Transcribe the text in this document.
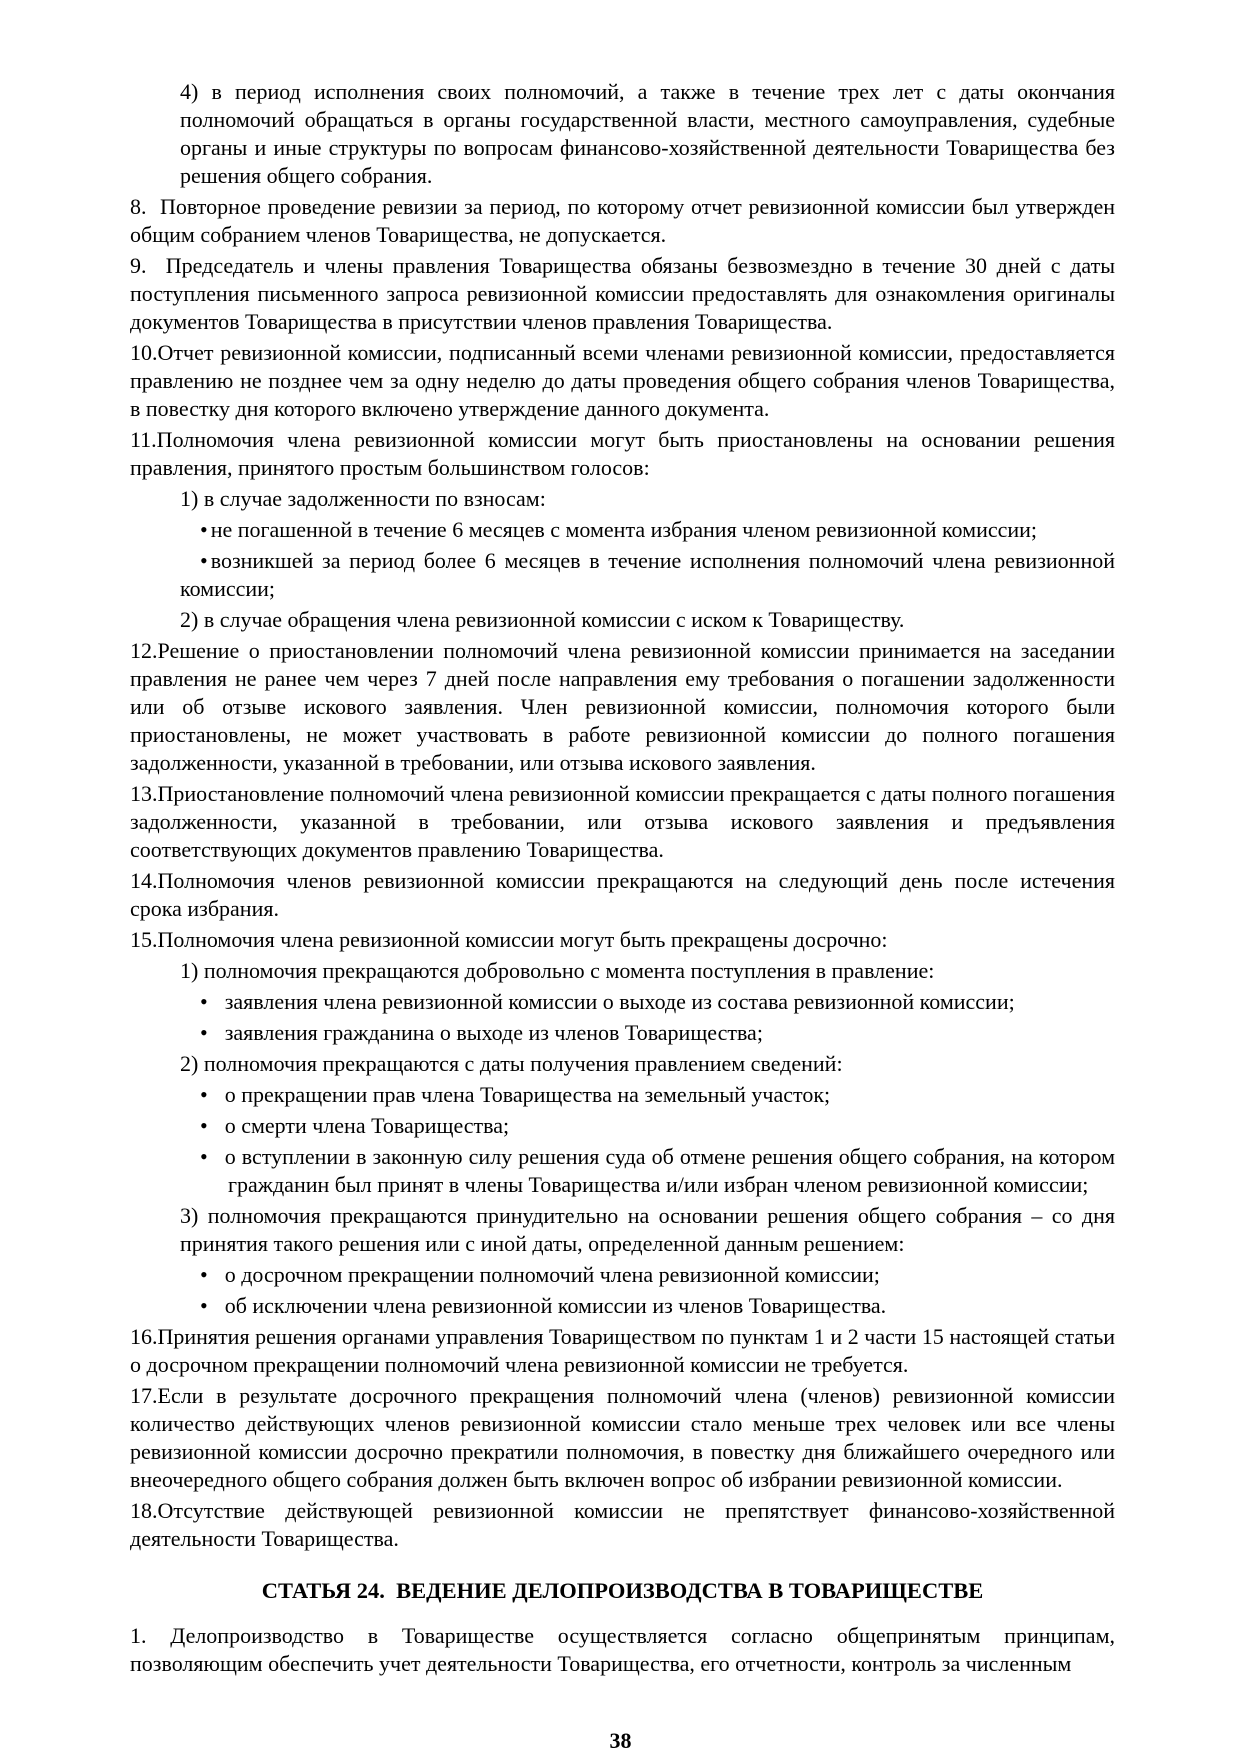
4) в период исполнения своих полномочий, а также в течение трех лет с даты окончания полномочий обращаться в органы государственной власти, местного самоуправления, судебные органы и иные структуры по вопросам финансово-хозяйственной деятельности Товарищества без решения общего собрания.
8.  Повторное проведение ревизии за период, по которому отчет ревизионной комиссии был утвержден общим собранием членов Товарищества, не допускается.
9.  Председатель и члены правления Товарищества обязаны безвозмездно в течение 30 дней с даты поступления письменного запроса ревизионной комиссии предоставлять для ознакомления оригиналы документов Товарищества в присутствии членов правления Товарищества.
10.Отчет ревизионной комиссии, подписанный всеми членами ревизионной комиссии, предоставляется правлению не позднее чем за одну неделю до даты проведения общего собрания членов Товарищества, в повестку дня которого включено утверждение данного документа.
11.Полномочия члена ревизионной комиссии могут быть приостановлены на основании решения правления, принятого простым большинством голосов:
1) в случае задолженности по взносам:
• не погашенной в течение 6 месяцев с момента избрания членом ревизионной комиссии;
• возникшей за период более 6 месяцев в течение исполнения полномочий члена ревизионной комиссии;
2) в случае обращения члена ревизионной комиссии с иском к Товариществу.
12.Решение о приостановлении полномочий члена ревизионной комиссии принимается на заседании правления не ранее чем через 7 дней после направления ему требования о погашении задолженности или об отзыве искового заявления. Член ревизионной комиссии, полномочия которого были приостановлены, не может участвовать в работе ревизионной комиссии до полного погашения задолженности, указанной в требовании, или отзыва искового заявления.
13.Приостановление полномочий члена ревизионной комиссии прекращается с даты полного погашения задолженности, указанной в требовании, или отзыва искового заявления и предъявления соответствующих документов правлению Товарищества.
14.Полномочия членов ревизионной комиссии прекращаются на следующий день после истечения срока избрания.
15.Полномочия члена ревизионной комиссии могут быть прекращены досрочно:
1) полномочия прекращаются добровольно с момента поступления в правление:
• заявления члена ревизионной комиссии о выходе из состава ревизионной комиссии;
• заявления гражданина о выходе из членов Товарищества;
2) полномочия прекращаются с даты получения правлением сведений:
• о прекращении прав члена Товарищества на земельный участок;
• о смерти члена Товарищества;
• о вступлении в законную силу решения суда об отмене решения общего собрания, на котором гражданин был принят в члены Товарищества и/или избран членом ревизионной комиссии;
3) полномочия прекращаются принудительно на основании решения общего собрания – со дня принятия такого решения или с иной даты, определенной данным решением:
• о досрочном прекращении полномочий члена ревизионной комиссии;
• об исключении члена ревизионной комиссии из членов Товарищества.
16.Принятия решения органами управления Товариществом по пунктам 1 и 2 части 15 настоящей статьи о досрочном прекращении полномочий члена ревизионной комиссии не требуется.
17.Если в результате досрочного прекращения полномочий члена (членов) ревизионной комиссии количество действующих членов ревизионной комиссии стало меньше трех человек или все члены ревизионной комиссии досрочно прекратили полномочия, в повестку дня ближайшего очередного или внеочередного общего собрания должен быть включен вопрос об избрании ревизионной комиссии.
18.Отсутствие действующей ревизионной комиссии не препятствует финансово-хозяйственной деятельности Товарищества.
СТАТЬЯ 24.  ВЕДЕНИЕ ДЕЛОПРОИЗВОДСТВА В ТОВАРИЩЕСТВЕ
1. Делопроизводство в Товариществе осуществляется согласно общепринятым принципам, позволяющим обеспечить учет деятельности Товарищества, его отчетности, контроль за численным
38
